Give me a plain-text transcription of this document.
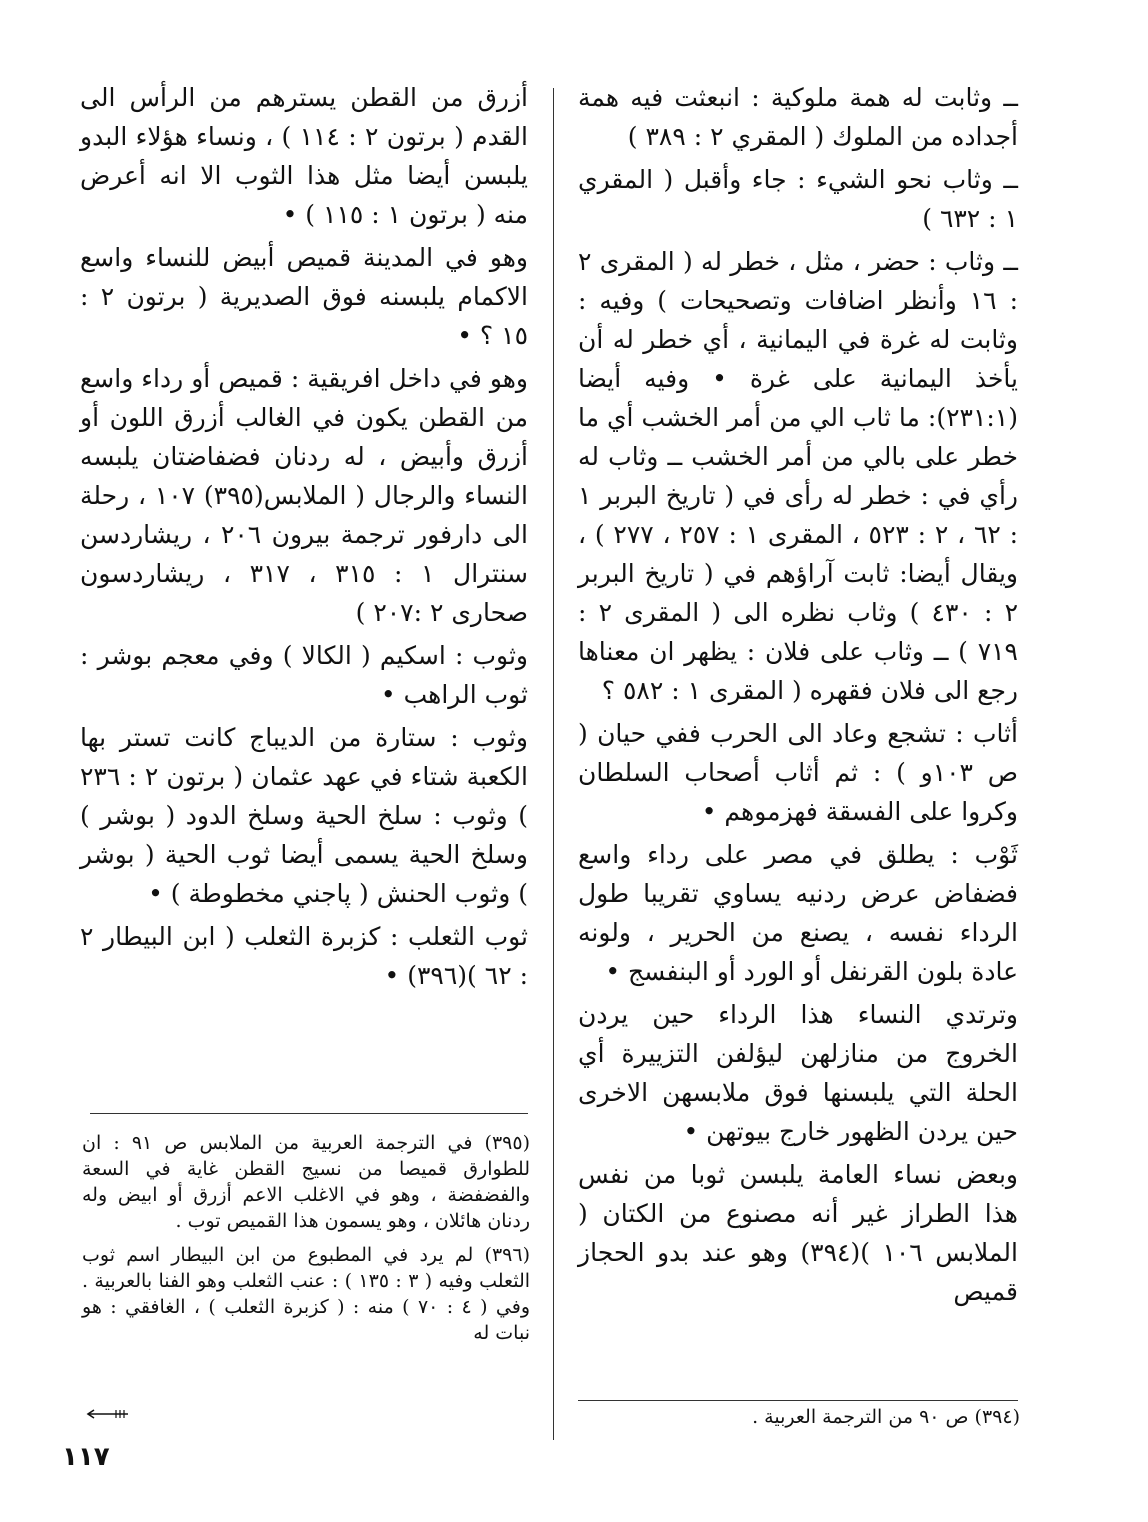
ــ وثابت له همة ملوكية : انبعثت فيه همة أجداده من الملوك ( المقري ٢ : ٣٨٩ )

ــ وثاب نحو الشيء : جاء وأقبل ( المقري ١ : ٦٣٢ )

ــ وثاب : حضر ، مثل ، خطر له ( المقرى ٢ : ١٦ وأنظر اضافات وتصحيحات ) وفيه : وثابت له غرة في اليمانية ، أي خطر له أن يأخذ اليمانية على غرة • وفيه أيضا (٢٣١:١): ما ثاب الي من أمر الخشب أي ما خطر على بالي من أمر الخشب ــ وثاب له رأي في : خطر له رأى في ( تاريخ البربر ١ : ٦٢ ، ٢ : ٥٢٣ ، المقرى ١ : ٢٥٧ ، ٢٧٧ ) ، ويقال أيضا: ثابت آراؤهم في ( تاريخ البربر ٢ : ٤٣٠ ) وثاب نظره الى ( المقرى ٢ : ٧١٩ ) ــ وثاب على فلان : يظهر ان معناها رجع الى فلان فقهره ( المقرى ١ : ٥٨٢ ؟

أثاب : تشجع وعاد الى الحرب ففي حيان ( ص ١٠٣و ) : ثم أثاب أصحاب السلطان وكروا على الفسقة فهزموهم •

ثَوْب : يطلق في مصر على رداء واسع فضفاض عرض ردنيه يساوي تقريبا طول الرداء نفسه ، يصنع من الحرير ، ولونه عادة بلون القرنفل أو الورد أو البنفسج •

وترتدي النساء هذا الرداء حين يردن الخروج من منازلهن ليؤلفن التزييرة أي الحلة التي يلبسنها فوق ملابسهن الاخرى حين يردن الظهور خارج بيوتهن •

وبعض نساء العامة يلبسن ثوبا من نفس هذا الطراز غير أنه مصنوع من الكتان ( الملابس ١٠٦ )(٣٩٤) وهو عند بدو الحجاز قميص

أزرق من القطن يسترهم من الرأس الى القدم ( برتون ٢ : ١١٤ ) ، ونساء هؤلاء البدو يلبسن أيضا مثل هذا الثوب الا انه أعرض منه ( برتون ١ : ١١٥ ) •

وهو في المدينة قميص أبيض للنساء واسع الاكمام يلبسنه فوق الصديرية ( برتون ٢ : ١٥ ؟ •

وهو في داخل افريقية : قميص أو رداء واسع من القطن يكون في الغالب أزرق اللون أو أزرق وأبيض ، له ردنان فضفاضتان يلبسه النساء والرجال ( الملابس(٣٩٥) ١٠٧ ، رحلة الى دارفور ترجمة بيرون ٢٠٦ ، ريشاردسن سنترال ١ : ٣١٥ ، ٣١٧ ، ريشاردسون صحارى ٢ :٢٠٧ )

وثوب : اسكيم ( الكالا ) وفي معجم بوشر : ثوب الراهب •

وثوب : ستارة من الديباج كانت تستر بها الكعبة شتاء في عهد عثمان ( برتون ٢ : ٢٣٦ ) وثوب : سلخ الحية وسلخ الدود ( بوشر ) وسلخ الحية يسمى أيضا ثوب الحية ( بوشر ) وثوب الحنش ( پاجني مخطوطة ) •

ثوب الثعلب : كزبرة الثعلب ( ابن البيطار ٢ : ٦٢ )(٣٩٦) •

(٣٩٥) في الترجمة العربية من الملابس ص ٩١ : ان للطوارق قميصا من نسيج القطن غاية في السعة والفضفضة ، وهو في الاغلب الاعم أزرق أو ابيض وله ردنان هائلان ، وهو يسمون هذا القميص توب .

(٣٩٦) لم يرد في المطبوع من ابن البيطار اسم ثوب الثعلب وفيه ( ٣ : ١٣٥ ) : عنب الثعلب وهو الفنا بالعربية . وفي ( ٤ : ٧٠ ) منه : ( كزبرة الثعلب ) ، الغافقي : هو نبات له

(٣٩٤) ص ٩٠ من الترجمة العربية .

١١٧
